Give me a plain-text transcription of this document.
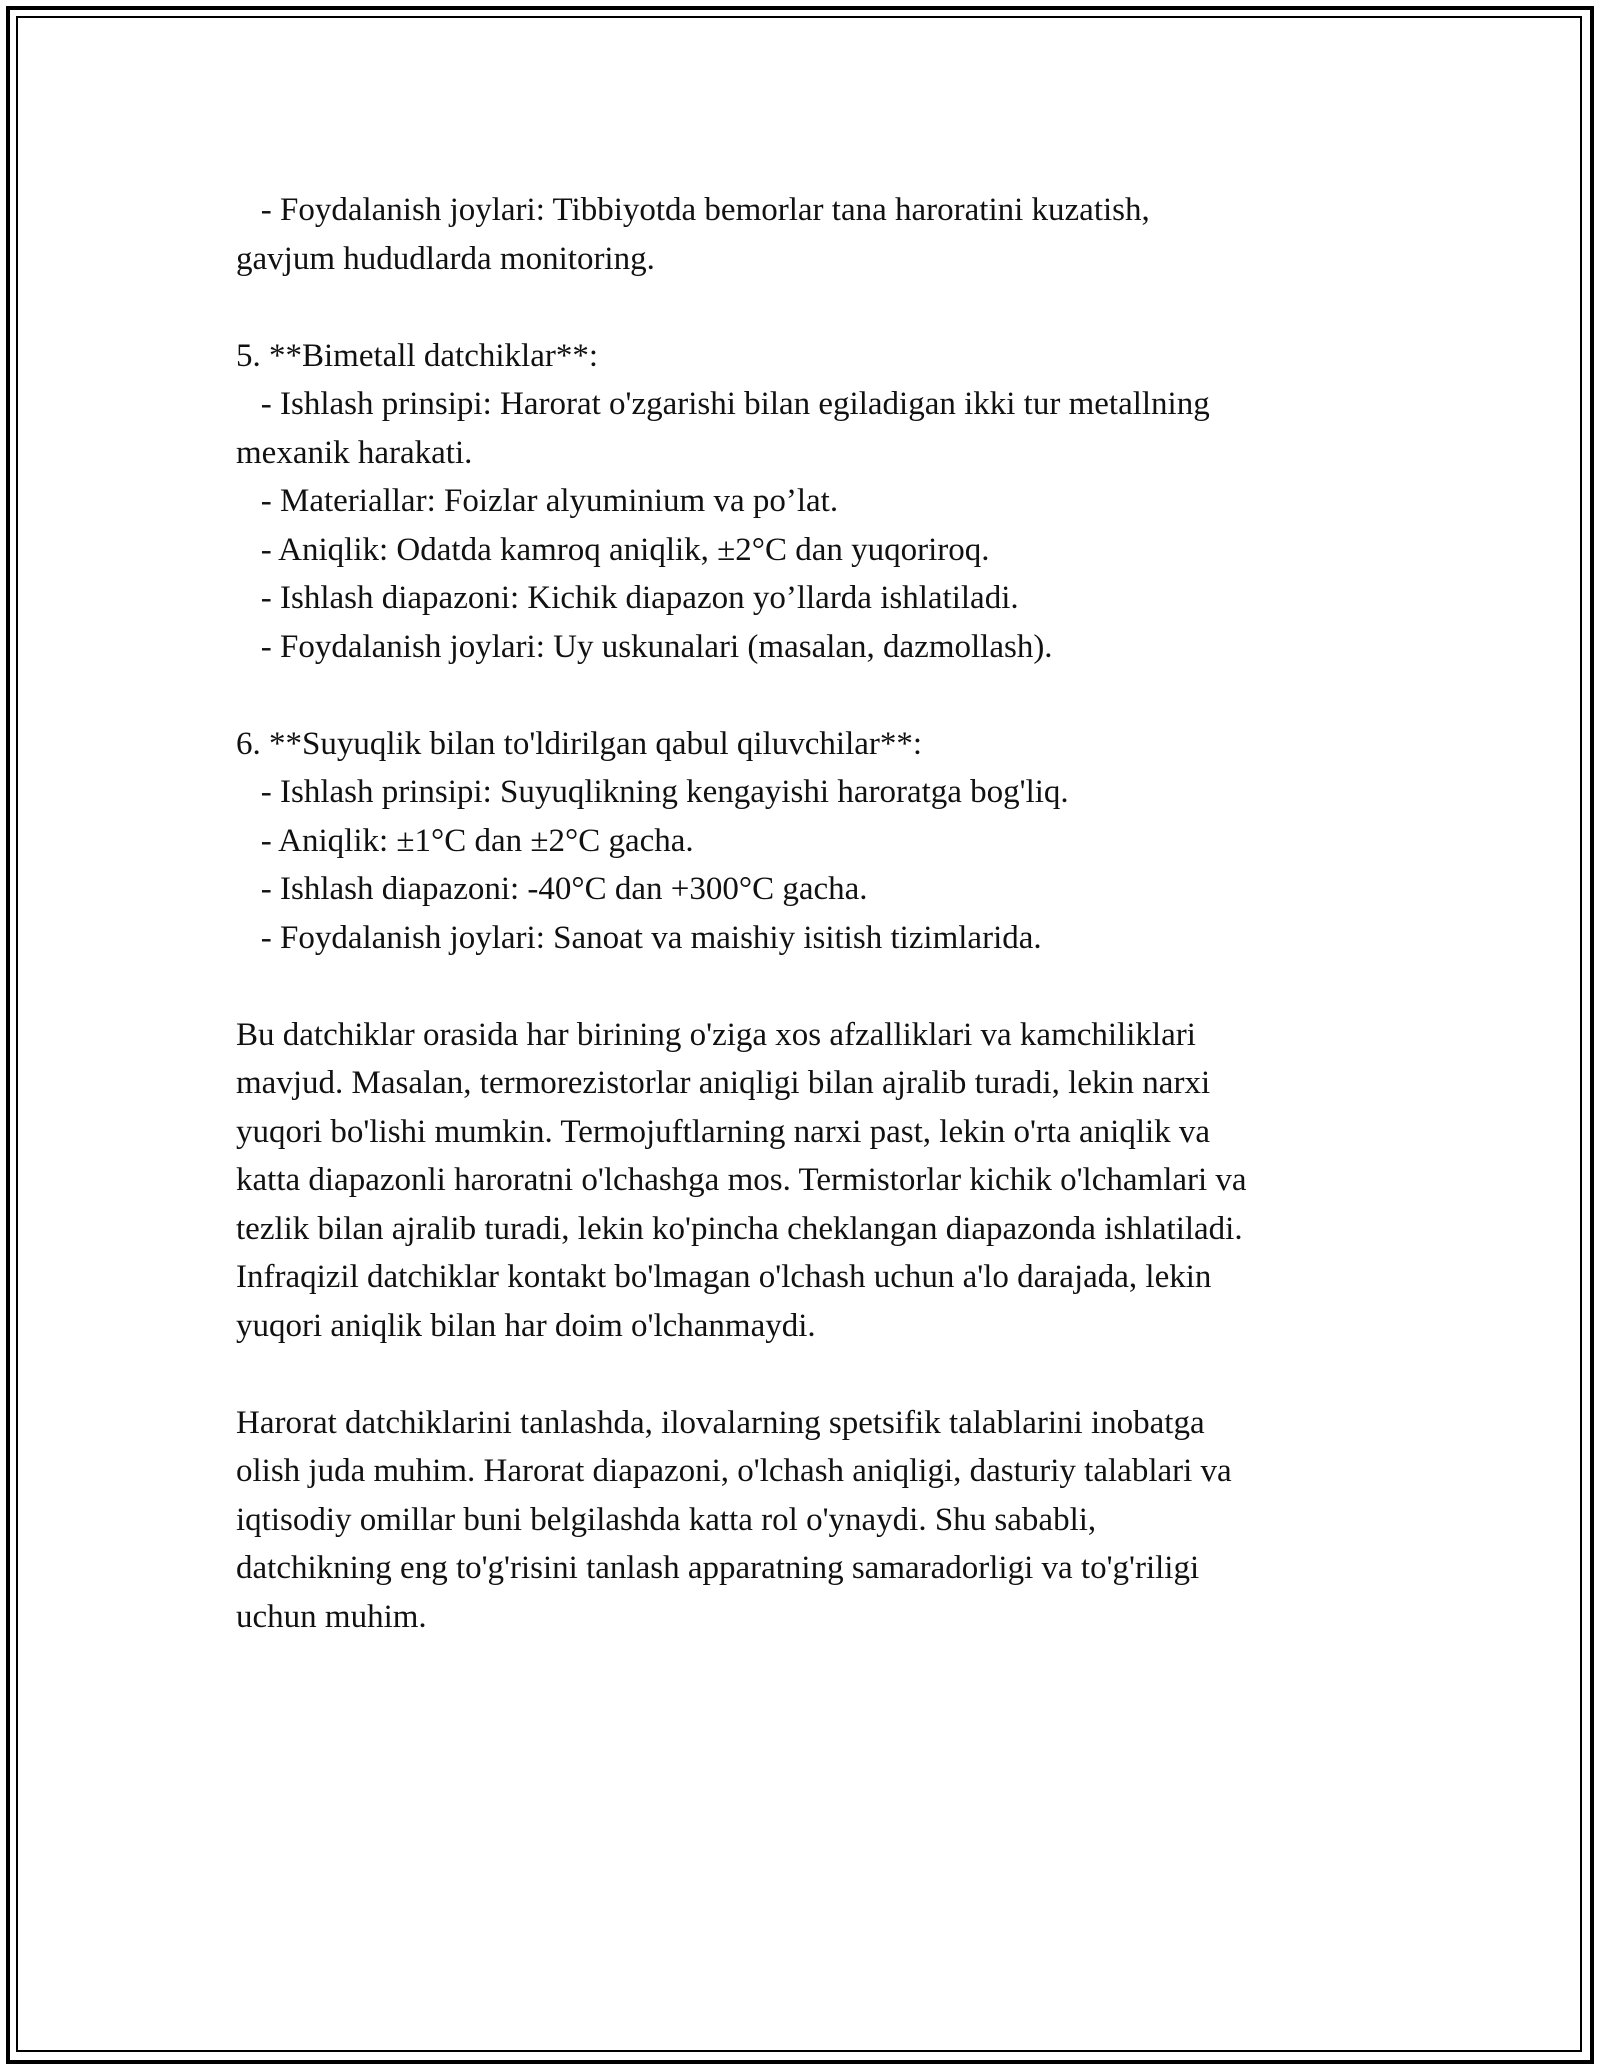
- Foydalanish joylari: Tibbiyotda bemorlar tana haroratini kuzatish,
gavjum hududlarda monitoring.
5. **Bimetall datchiklar**:
- Ishlash prinsipi: Harorat o'zgarishi bilan egiladigan ikki tur metallning
mexanik harakati.
- Materiallar: Foizlar alyuminium va po’lat.
- Aniqlik: Odatda kamroq aniqlik, ±2°C dan yuqoriroq.
- Ishlash diapazoni: Kichik diapazon yo’llarda ishlatiladi.
- Foydalanish joylari: Uy uskunalari (masalan, dazmollash).
6. **Suyuqlik bilan to'ldirilgan qabul qiluvchilar**:
- Ishlash prinsipi: Suyuqlikning kengayishi haroratga bog'liq.
- Aniqlik: ±1°C dan ±2°C gacha.
- Ishlash diapazoni: -40°C dan +300°C gacha.
- Foydalanish joylari: Sanoat va maishiy isitish tizimlarida.
Bu datchiklar orasida har birining o'ziga xos afzalliklari va kamchiliklari
mavjud. Masalan, termorezistorlar aniqligi bilan ajralib turadi, lekin narxi
yuqori bo'lishi mumkin. Termojuftlarning narxi past, lekin o'rta aniqlik va
katta diapazonli haroratni o'lchashga mos. Termistorlar kichik o'lchamlari va
tezlik bilan ajralib turadi, lekin ko'pincha cheklangan diapazonda ishlatiladi.
Infraqizil datchiklar kontakt bo'lmagan o'lchash uchun a'lo darajada, lekin
yuqori aniqlik bilan har doim o'lchanmaydi.
Harorat datchiklarini tanlashda, ilovalarning spetsifik talablarini inobatga
olish juda muhim. Harorat diapazoni, o'lchash aniqligi, dasturiy talablari va
iqtisodiy omillar buni belgilashda katta rol o'ynaydi. Shu sababli,
datchikning eng to'g'risini tanlash apparatning samaradorligi va to'g'riligi
uchun muhim.
